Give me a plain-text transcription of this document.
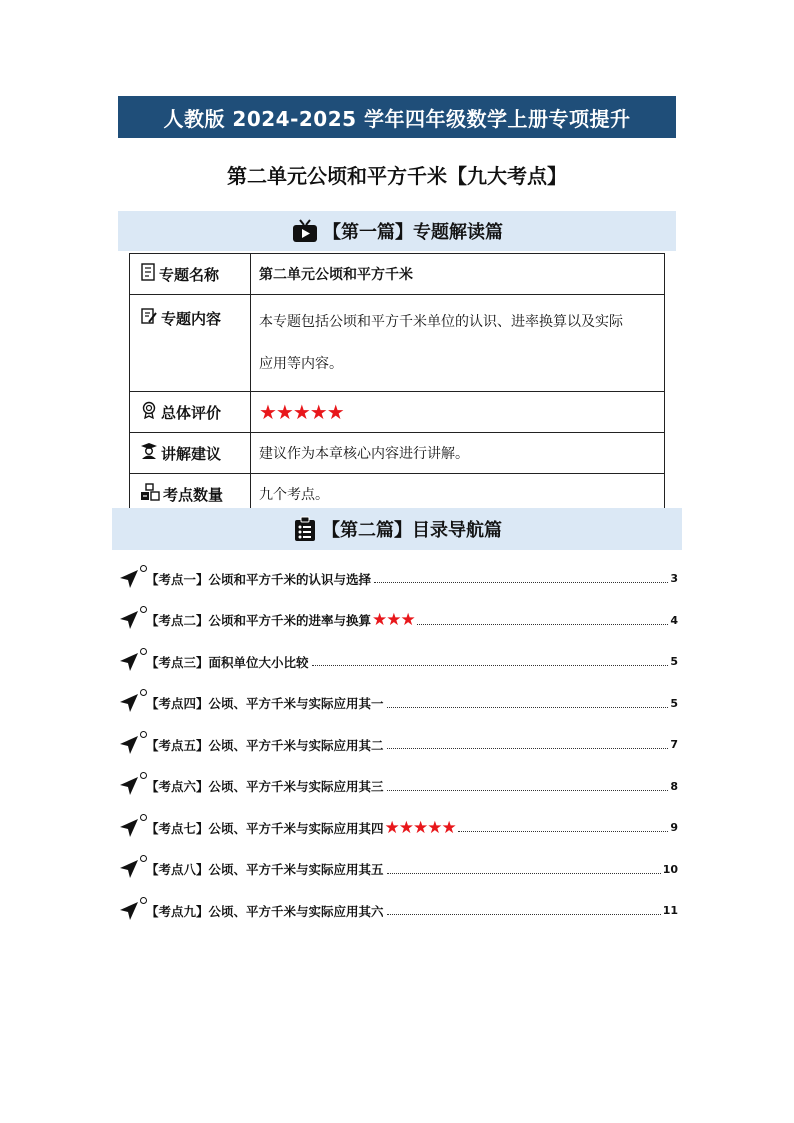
人教版 2024-2025 学年四年级数学上册专项提升
第二单元公顷和平方千米【九大考点】
【第一篇】专题解读篇
专题名称	第二单元公顷和平方千米

专题内容	本专题包括公顷和平方千米单位的认识、进率换算以及实际
应用等内容。

总体评价	★★★★★

讲解建议	建议作为本章核心内容进行讲解。

考点数量	九个考点。
【第二篇】目录导航篇
【考点一】公顷和平方千米的认识与选择	3
【考点二】公顷和平方千米的进率与换算 ★★★	4
【考点三】面积单位大小比较	5
【考点四】公顷、平方千米与实际应用其一	5
【考点五】公顷、平方千米与实际应用其二	7
【考点六】公顷、平方千米与实际应用其三	8
【考点七】公顷、平方千米与实际应用其四 ★★★★★	9
【考点八】公顷、平方千米与实际应用其五	10
【考点九】公顷、平方千米与实际应用其六	11
